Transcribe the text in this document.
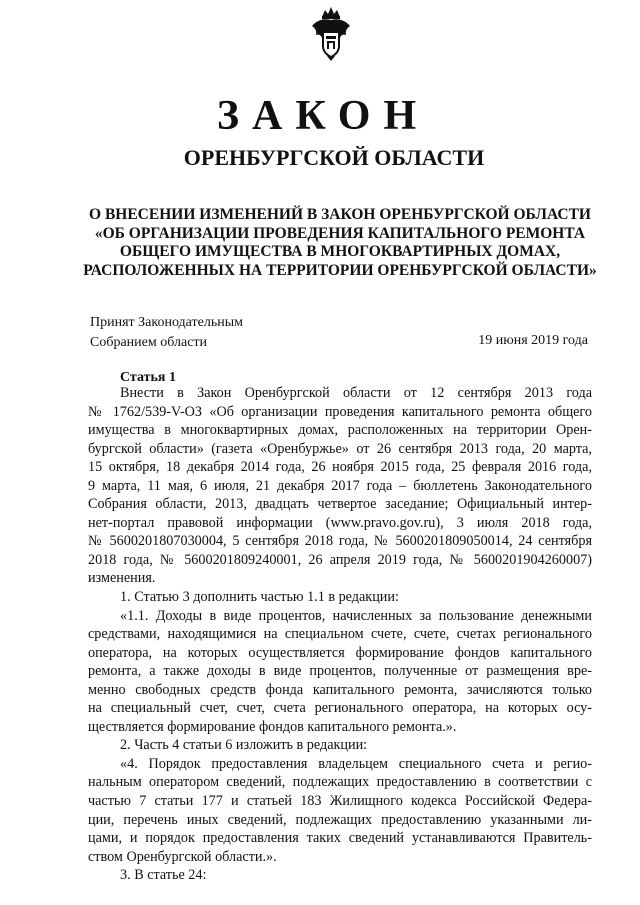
ЗАКОН
ОРЕНБУРГСКОЙ ОБЛАСТИ
О ВНЕСЕНИИ ИЗМЕНЕНИЙ В ЗАКОН ОРЕНБУРГСКОЙ ОБЛАСТИ
«ОБ ОРГАНИЗАЦИИ ПРОВЕДЕНИЯ КАПИТАЛЬНОГО РЕМОНТА
ОБЩЕГО ИМУЩЕСТВА В МНОГОКВАРТИРНЫХ ДОМАХ,
РАСПОЛОЖЕННЫХ НА ТЕРРИТОРИИ ОРЕНБУРГСКОЙ ОБЛАСТИ»
Принят Законодательным
Собранием области	19 июня 2019 года
Статья 1
Внести в Закон Оренбургской области от 12 сентября 2013 года
№ 1762/539-V-ОЗ «Об организации проведения капитального ремонта общего
имущества в многоквартирных домах, расположенных на территории Орен-
бургской области» (газета «Оренбуржье» от 26 сентября 2013 года, 20 марта,
15 октября, 18 декабря 2014 года, 26 ноября 2015 года, 25 февраля 2016 года,
9 марта, 11 мая, 6 июля, 21 декабря 2017 года – бюллетень Законодательного
Собрания области, 2013, двадцать четвертое заседание; Официальный интер-
нет-портал правовой информации (www.pravo.gov.ru), 3 июля 2018 года,
№ 5600201807030004, 5 сентября 2018 года, № 5600201809050014, 24 сентября
2018 года, № 5600201809240001, 26 апреля 2019 года, № 5600201904260007)
изменения.
1. Статью 3 дополнить частью 1.1 в редакции:
«1.1. Доходы в виде процентов, начисленных за пользование денежными
средствами, находящимися на специальном счете, счете, счетах регионального
оператора, на которых осуществляется формирование фондов капитального
ремонта, а также доходы в виде процентов, полученные от размещения вре-
менно свободных средств фонда капитального ремонта, зачисляются только
на специальный счет, счет, счета регионального оператора, на которых осу-
ществляется формирование фондов капитального ремонта.».
2. Часть 4 статьи 6 изложить в редакции:
«4. Порядок предоставления владельцем специального счета и регио-
нальным оператором сведений, подлежащих предоставлению в соответствии с
частью 7 статьи 177 и статьей 183 Жилищного кодекса Российской Федера-
ции, перечень иных сведений, подлежащих предоставлению указанными ли-
цами, и порядок предоставления таких сведений устанавливаются Правитель-
ством Оренбургской области.».
3. В статье 24:
